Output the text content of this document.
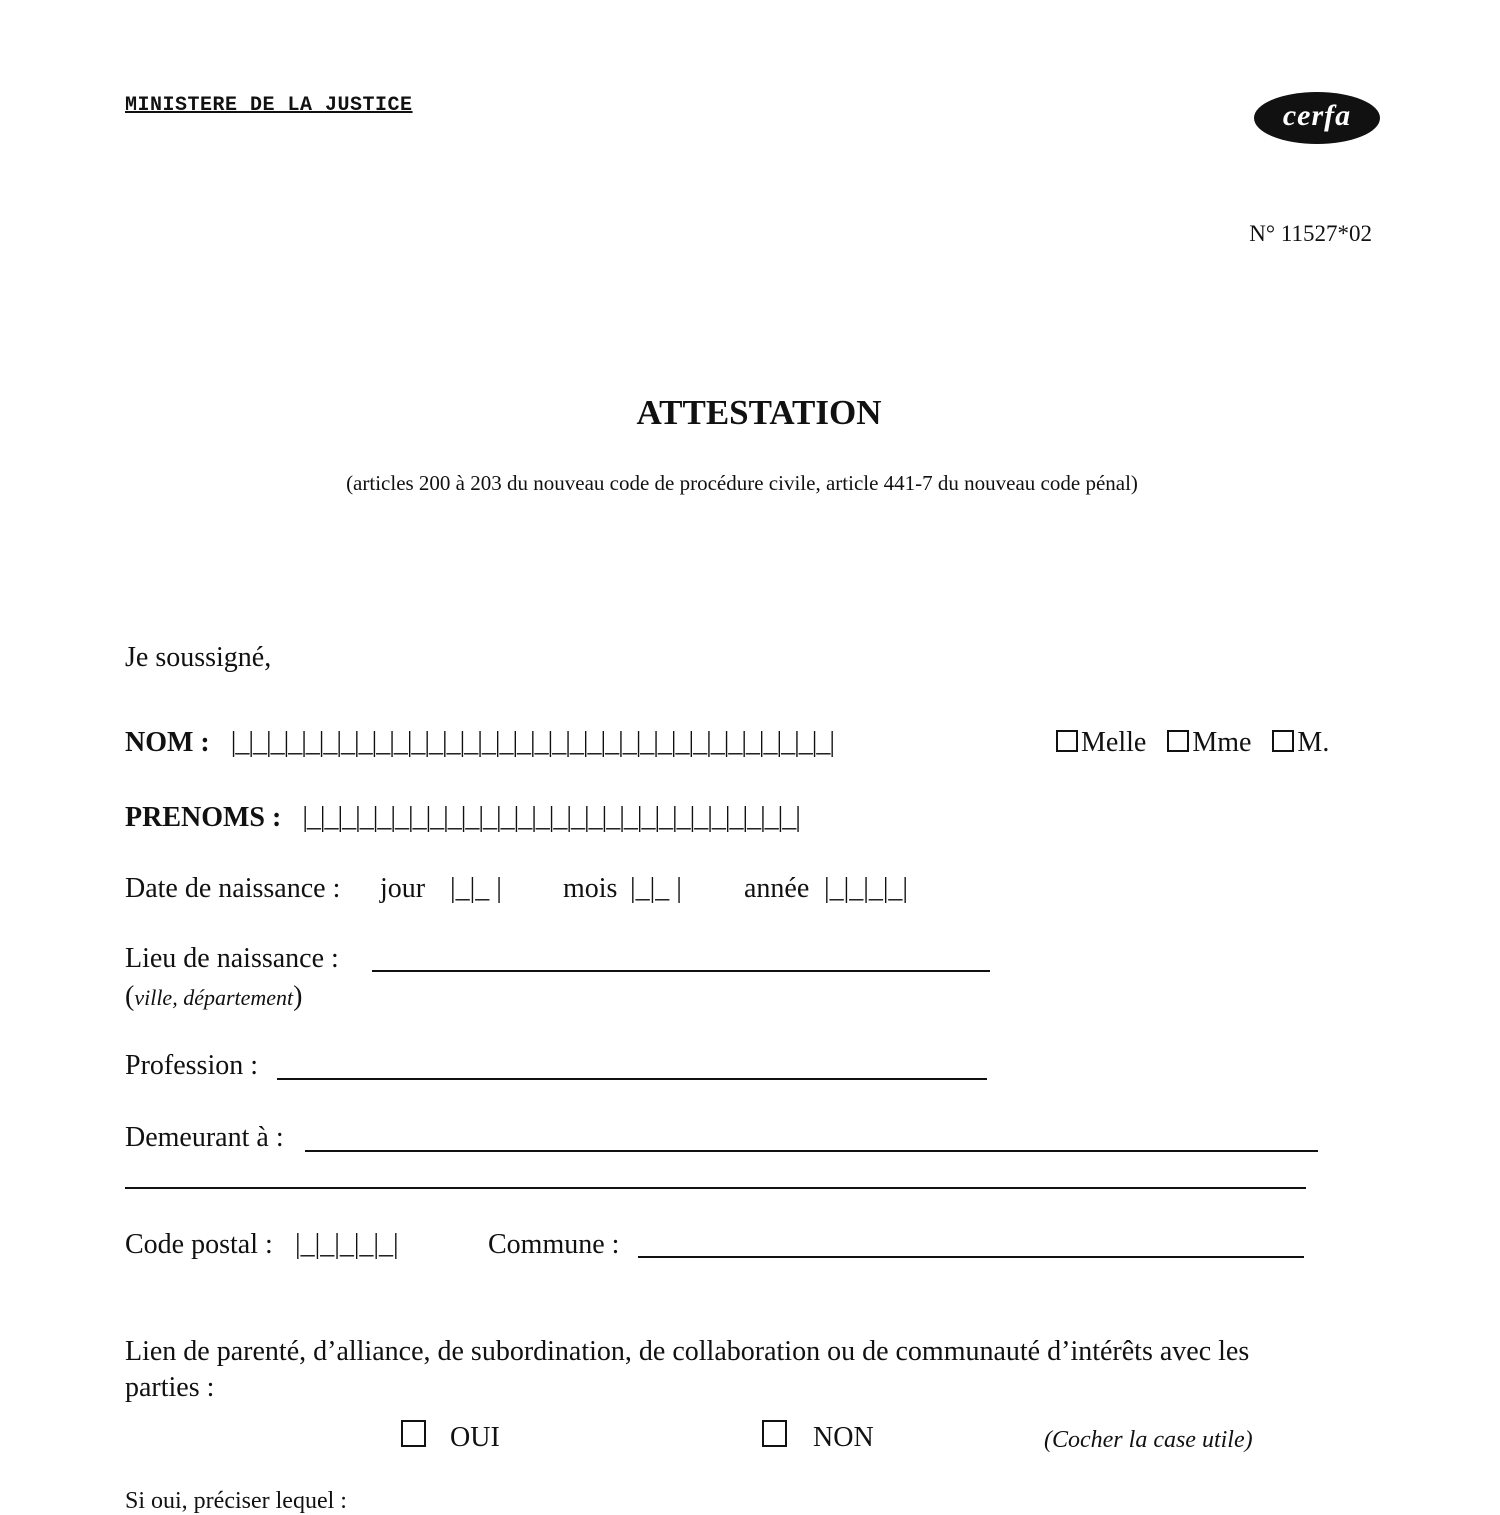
MINISTERE DE LA JUSTICE	cerfa
N° 11527*02
ATTESTATION
(articles 200 à 203 du nouveau code de procédure civile, article 441-7 du nouveau code pénal)
Je soussigné,
NOM : |_|_|_|_|_|_|_|_|_|_|_|_|_|_|_|_|_|_|_|_|_|_|_|_|_|_|_|_|_|_|_|_|_|_|	Melle Mme M.
PRENOMS : |_|_|_|_|_|_|_|_|_|_|_|_|_|_|_|_|_|_|_|_|_|_|_|_|_|_|_|_|
Date de naissance : jour |_|_ | mois |_|_ | année |_|_|_|_|
Lieu de naissance :
(ville, département)
Profession :
Demeurant à :
Code postal : |_|_|_|_|_|	Commune :
Lien de parenté, d’alliance, de subordination, de collaboration ou de communauté d’intérêts avec les
parties :
OUI	NON	(Cocher la case utile)
Si oui, préciser lequel :
